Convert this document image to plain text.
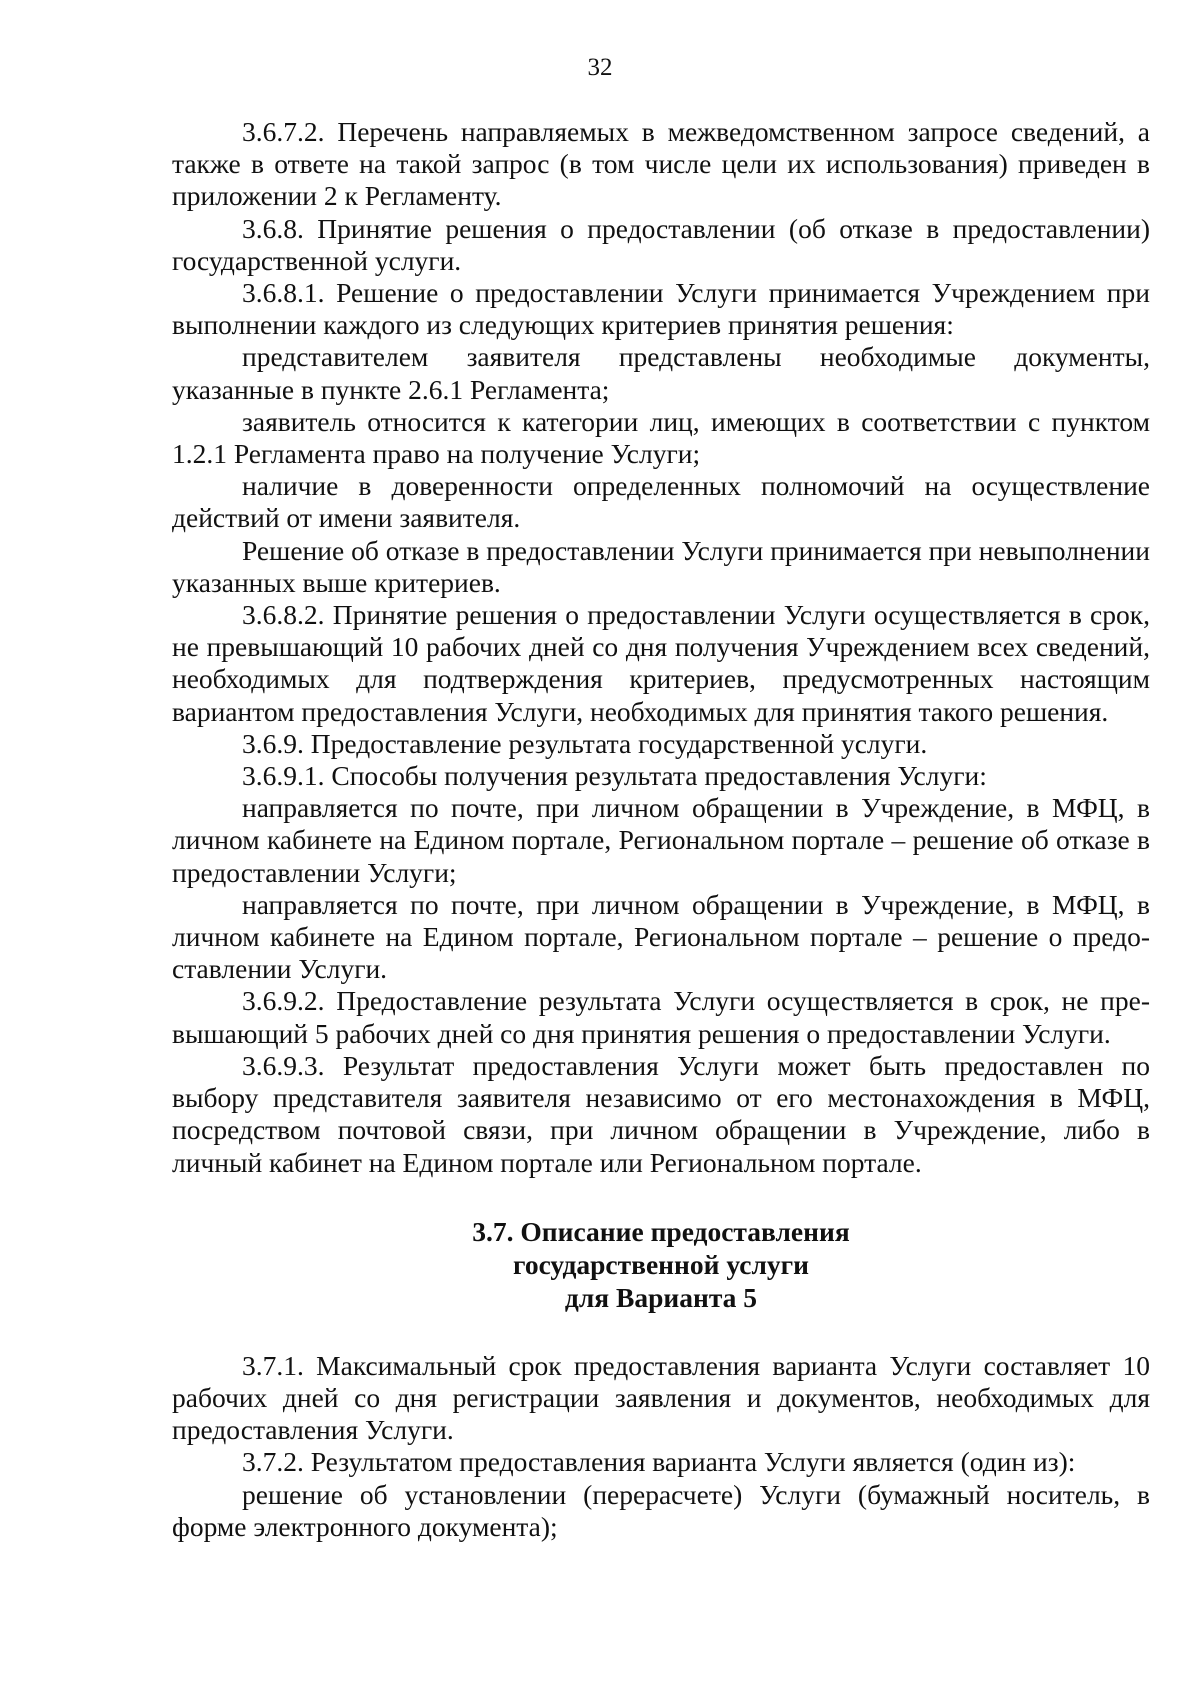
32

3.6.7.2. Перечень направляемых в межведомственном запросе сведений, а также в ответе на такой запрос (в том числе цели их использования) приведен в приложении 2 к Регламенту.

3.6.8. Принятие решения о предоставлении (об отказе в предоставлении) государственной услуги.

3.6.8.1. Решение о предоставлении Услуги принимается Учреждением при выполнении каждого из следующих критериев принятия решения:

представителем заявителя представлены необходимые документы, указанные в пункте 2.6.1 Регламента;

заявитель относится к категории лиц, имеющих в соответствии с пунктом 1.2.1 Регламента право на получение Услуги;

наличие в доверенности определенных полномочий на осуществление действий от имени заявителя.

Решение об отказе в предоставлении Услуги принимается при невыполнении указанных выше критериев.

3.6.8.2. Принятие решения о предоставлении Услуги осуществляется в срок, не превышающий 10 рабочих дней со дня получения Учреждением всех сведений, необходимых для подтверждения критериев, предусмотренных настоящим вариантом предоставления Услуги, необходимых для принятия такого решения.

3.6.9. Предоставление результата государственной услуги.

3.6.9.1. Способы получения результата предоставления Услуги:

направляется по почте, при личном обращении в Учреждение, в МФЦ, в личном кабинете на Едином портале, Региональном портале – решение об отказе в предоставлении Услуги;

направляется по почте, при личном обращении в Учреждение, в МФЦ, в личном кабинете на Едином портале, Региональном портале – решение о предоставлении Услуги.

3.6.9.2. Предоставление результата Услуги осуществляется в срок, не превышающий 5 рабочих дней со дня принятия решения о предоставлении Услуги.

3.6.9.3. Результат предоставления Услуги может быть предоставлен по выбору представителя заявителя независимо от его местонахождения в МФЦ, посредством почтовой связи, при личном обращении в Учреждение, либо в личный кабинет на Едином портале или Региональном портале.

3.7. Описание предоставления
государственной услуги
для Варианта 5

3.7.1. Максимальный срок предоставления варианта Услуги составляет 10 рабочих дней со дня регистрации заявления и документов, необходимых для предоставления Услуги.

3.7.2. Результатом предоставления варианта Услуги является (один из):

решение об установлении (перерасчете) Услуги (бумажный носитель, в форме электронного документа);
